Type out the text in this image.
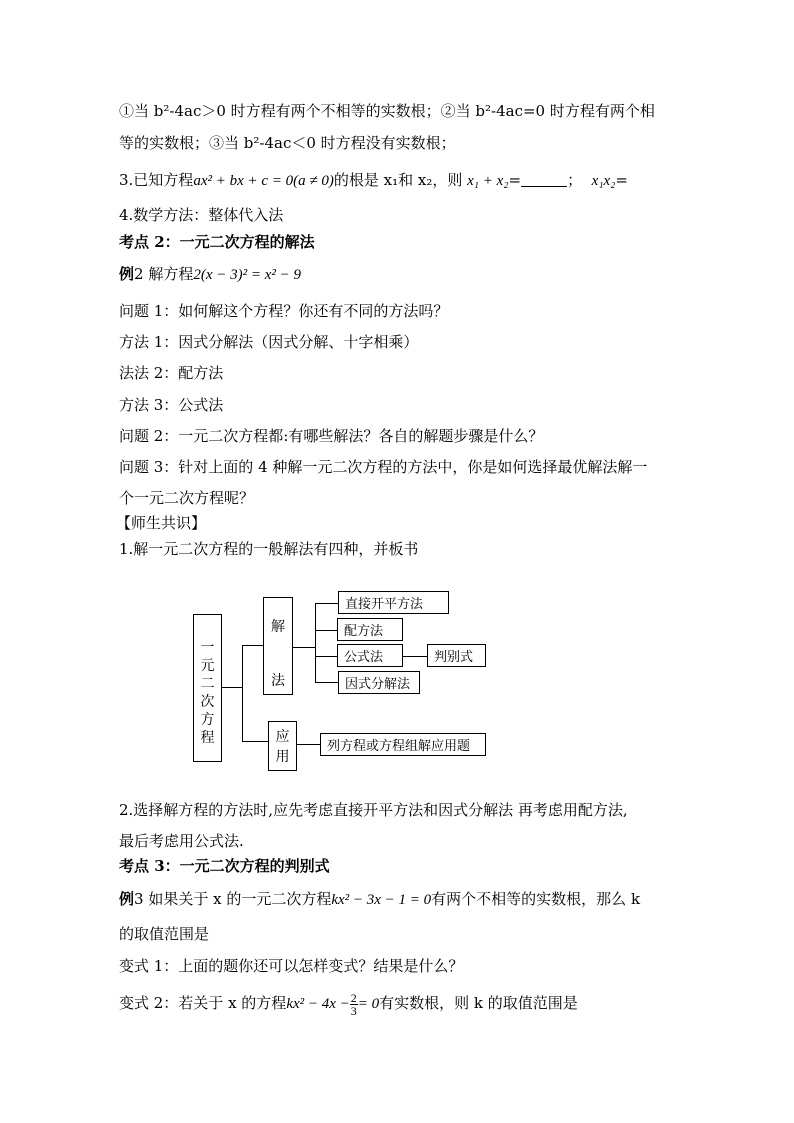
①当 b²-4ac＞0 时方程有两个不相等的实数根；②当 b²-4ac=0 时方程有两个相
等的实数根；③当 b²-4ac＜0 时方程没有实数根；
3.已知方程ax² + bx + c = 0(a ≠ 0)的根是 x₁和 x₂，则 x₁ + x₂=	； x₁x₂=
4.数学方法：整体代入法
考点 2：一元二次方程的解法
例2 解方程2(x − 3)² = x² − 9
问题 1：如何解这个方程？你还有不同的方法吗？
方法 1：因式分解法（因式分解、十字相乘）
法法 2：配方法
方法 3：公式法
问题 2：一元二次方程都:有哪些解法？各自的解题步骤是什么？
问题 3：针对上面的 4 种解一元二次方程的方法中，你是如何选择最优解法解一
个一元二次方程呢？
【师生共识】
1.解一元二次方程的一般解法有四种，并板书
一
元
二
次
方
程
解
法
应
用
直接开平方法
配方法
公式法
因式分解法
判别式
列方程或方程组解应用题
2.选择解方程的方法时,应先考虑直接开平方法和因式分解法 再考虑用配方法,
最后考虑用公式法.
考点 3：一元二次方程的判别式
例3 如果关于 x 的一元二次方程kx² − 3x − 1 = 0有两个不相等的实数根，那么 k
的取值范围是
变式 1：上面的题你还可以怎样变式？结果是什么？
变式 2：若关于 x 的方程$kx^2 - 4x - \frac{2}{3} = 0$有实数根，则 k 的取值范围是
